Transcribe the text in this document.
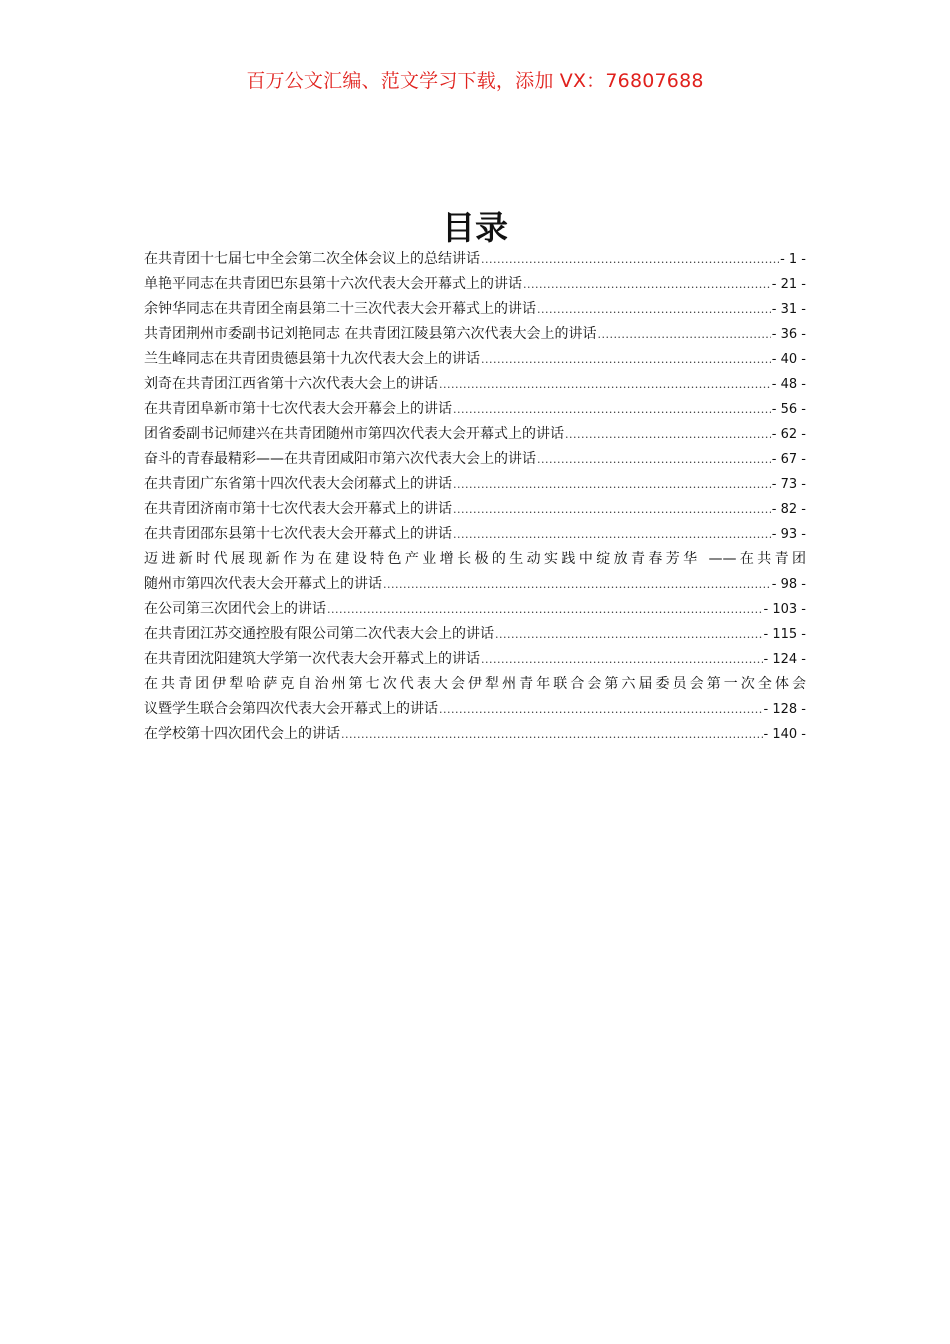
百万公文汇编、范文学习下载，添加 VX：76807688
目录
在共青团十七届七中全会第二次全体会议上的总结讲话 .....	- 1 -
单艳平同志在共青团巴东县第十六次代表大会开幕式上的讲话 .....	- 21 -
余钟华同志在共青团全南县第二十三次代表大会开幕式上的讲话 .....	- 31 -
共青团荆州市委副书记刘艳同志 在共青团江陵县第六次代表大会上的讲话 .....	- 36 -
兰生峰同志在共青团贵德县第十九次代表大会上的讲话 .....	- 40 -
刘奇在共青团江西省第十六次代表大会上的讲话 .....	- 48 -
在共青团阜新市第十七次代表大会开幕会上的讲话 .....	- 56 -
团省委副书记师建兴在共青团随州市第四次代表大会开幕式上的讲话 .....	- 62 -
奋斗的青春最精彩——在共青团咸阳市第六次代表大会上的讲话 .....	- 67 -
在共青团广东省第十四次代表大会闭幕式上的讲话 .....	- 73 -
在共青团济南市第十七次代表大会开幕式上的讲话 .....	- 82 -
在共青团邵东县第十七次代表大会开幕式上的讲话 .....	- 93 -
迈进新时代展现新作为在建设特色产业增长极的生动实践中绽放青春芳华 ——在共青团
随州市第四次代表大会开幕式上的讲话 .....	- 98 -
在公司第三次团代会上的讲话 .....	- 103 -
在共青团江苏交通控股有限公司第二次代表大会上的讲话 .....	- 115 -
在共青团沈阳建筑大学第一次代表大会开幕式上的讲话 .....	- 124 -
在共青团伊犁哈萨克自治州第七次代表大会伊犁州青年联合会第六届委员会第一次全体会
议暨学生联合会第四次代表大会开幕式上的讲话 .....	- 128 -
在学校第十四次团代会上的讲话 .....	- 140 -
